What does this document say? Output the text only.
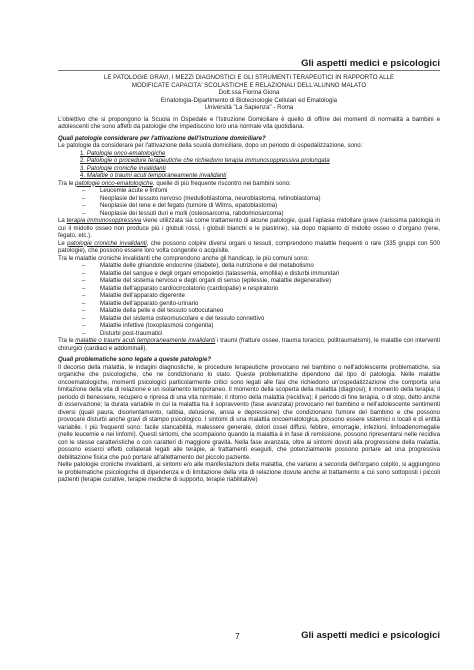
Gli aspetti medici e psicologici
LE PATOLOGIE GRAVI, I MEZZI DIAGNOSTICI E GLI STRUMENTI TERAPEUTICI IN RAPPORTO ALLE
MODIFICATE CAPACITA' SCOLASTICHE E RELAZIONALI DELL'ALUNNO MALATO
Dott.ssa Fiorina Giona
Ematologia-Dipartimento di Biotecnologie Cellulari ed Ematologia
Università "La Sapienza" - Roma

L'obiettivo che si propongono la Scuola in Ospedale e l'Istruzione Domiciliare è quello di offrire dei momenti di normalità a bambini e adolescenti che sono affetti da patologie che impediscono loro una normale vita quotidiana.

Quali patologie considerare per l'attivazione dell'istruzione domiciliare?

Le patologie da considerare per l'attivazione della scuola domiciliare, dopo un periodo di ospedalizzazione, sono:

1. Patologie onco-ematologiche
2. Patologie o procedure terapeutiche che richiedono terapia immunosoppressiva prolungata
3. Patologie croniche invalidanti
4. Malattie o traumi acuti temporaneamente invalidanti

Tra le patologie onco-ematologiche, quelle di più frequente riscontro nei bambini sono:

– Leucemie acute e linfomi
– Neoplasie del tessuto nervoso (medulloblastoma, neuroblastoma, retinoblastoma)
– Neoplasie del rene e del fegato (tumore di Wilms, epatoblastoma)
– Neoplasie dei tessuti duri e molli (osteosarcoma, rabdomiosarcoma)

La terapia immunosoppressiva viene utilizzata sia come trattamento di alcune patologie, quali l'aplasia midollare grave (rarissima patologia in cui il midollo osseo non produce più i globuli rossi, i globuli bianchi e le piastrine), sia dopo trapianto di midollo osseo o d'organo (rene, fegato, etc.).

Le patologie croniche invalidanti, che possono colpire diversi organi o tessuti, comprendono malattie frequenti o rare (335 gruppi con 500 patologie), che possono essere loro volta congenite o acquisite.

Tra le malattie croniche invalidanti che comprendono anche gli handicap, le più comuni sono:

– Malattie delle ghiandole endocrine (diabete), della nutrizione e del metabolismo
– Malattie del sangue e degli organi emopoietici (talassemia, emofilia) e disturbi immunitari
– Malattie del sistema nervoso e degli organi di senso (epilessie, malattie degenerative)
– Malattie dell'apparato cardiocircolatorio (cardiopatie) e respiratorio
– Malattie dell'apparato digerente
– Malattie dell'apparato genito-urinario
– Malattie della pelle e del tessuto sottocutaneo
– Malattie del sistema osteomuscolare e del tessuto connettivo
– Malattie infettive (toxoplasmosi congenita)
– Disturbi post-traumatici

Tra le malattie o traumi acuti temporaneamente invalidanti i traumi (fratture ossee, trauma toracico, politraumatismi), le malattie con interventi chirurgici (cardiaci e addominali).

Quali problematiche sono legate a queste patologie?

Il decorso della malattia, le indagini diagnostiche, le procedure terapeutiche provocano nel bambino o nell'adolescente problematiche, sia organiche che psicologiche, che ne condizionano lo stato. Queste problematiche dipendono dal tipo di patologia. Nelle malattie oncoematologiche, momenti psicologici particolarmente critici sono legati alle fasi che richiedono un'ospedalizzazione che comporta una limitazione della vita di relazione e un isolamento temporaneo. Il momento della scoperta della malattia (diagnosi); il momento della terapia; il periodo di benessere, recupero e ripresa di una vita normale; il ritorno della malattia (recidiva); il periodo di fine terapia, o di stop, detto anche di osservazione; la durata variabile in cui la malattia ha il sopravvento (fase avanzata) provocano nel bambino e nell'adolescente sentimenti diversi (quali paura, disorientamento, rabbia, delusione, ansia e depressione) che condizionano l'umore del bambino e che possono provocare disturbi anche gravi di stampo psicologico. I sintomi di una malattia oncoematologica, possono essere sistemici o locali e di entità variabile. I più frequenti sono: facile stancabilità, malessere generale, dolori ossei diffusi, febbre, emorragie, infezioni, linfoadenomegalie (nelle leucemie e nei linfomi). Questi sintomi, che scompaiono quando la malattia è in fase di remissione, possono ripresentarsi nelle recidiva con le stesse caratteristiche o con caratteri di maggiore gravità. Nella fase avanzata, oltre ai sintomi dovuti alla progressione della malattia, possono esserci effetti collaterali legati alle terapie, ai trattamenti eseguiti, che potenzialmente possono portare ad una progressiva debilitazione fisica che può portare all'allettamento del piccolo paziente.

Nelle patologie croniche invalidanti, ai sintomi e/o alle manifestazioni della malattia, che variano a seconda dell'organo colpito, si aggiungono le problematiche psicologiche di dipendenza e di limitazione della vita di relazione dovute anche al trattamento a cui sono sottoposti i piccoli pazienti (terapie curative, terapie mediche di supporto, terapie riabilitative)

7	Gli aspetti medici e psicologici
